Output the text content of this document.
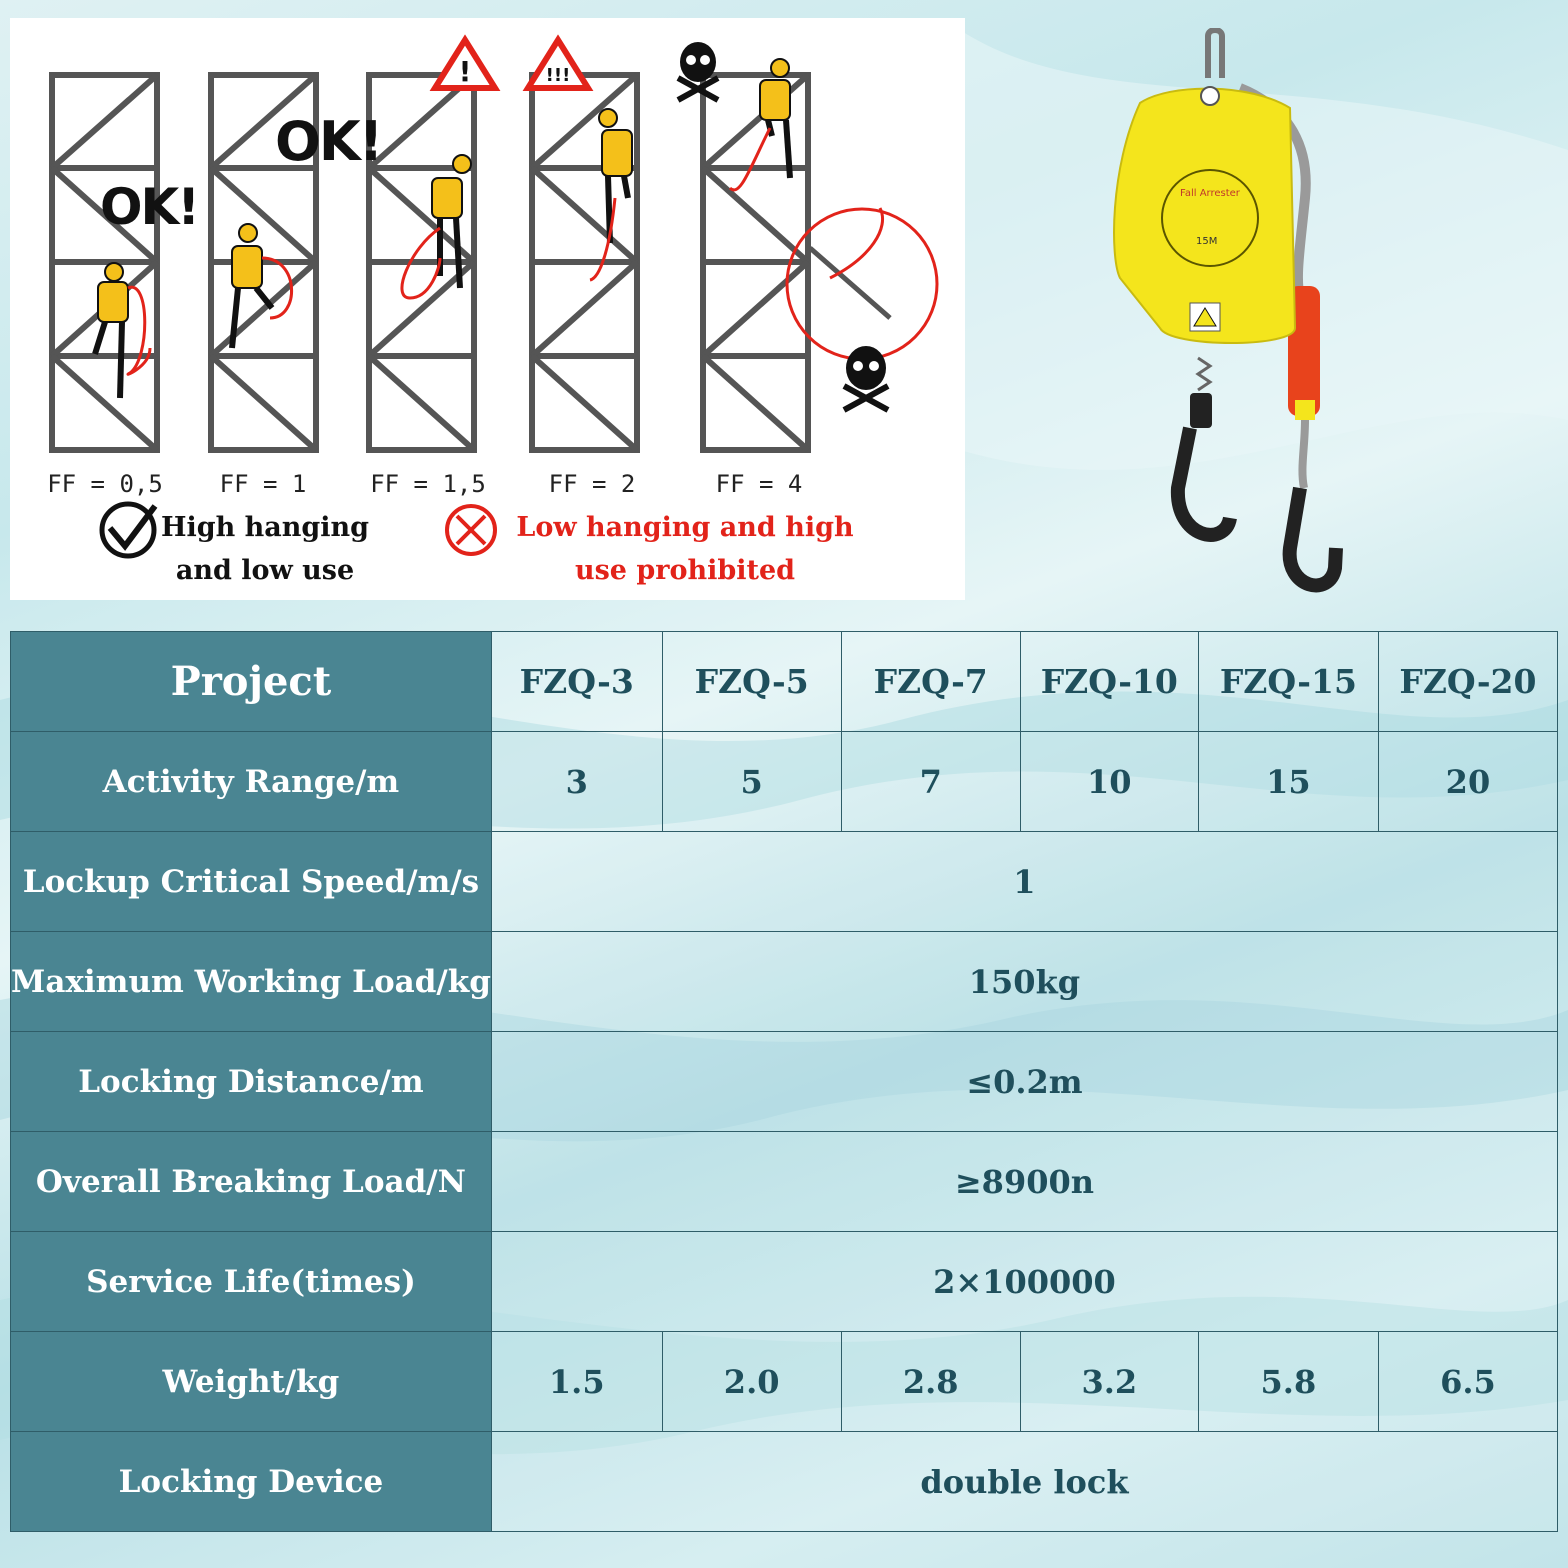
!	!!!
OK!
OK!
FF = 0,5	FF = 1	FF = 1,5	FF = 2	FF = 4
High hanging
and low use
Low hanging and high
use prohibited
Fall Arrester
15M
Project	FZQ-3	FZQ-5	FZQ-7	FZQ-10	FZQ-15	FZQ-20
Activity Range/m	3	5	7	10	15	20
Lockup Critical Speed/m/s	1					
Maximum Working Load/kg	150kg					
Locking Distance/m	≤0.2m					
Overall Breaking Load/N	≥8900n					
Service Life(times)	2×100000					
Weight/kg	1.5	2.0	2.8	3.2	5.8	6.5
Locking Device	double lock					
